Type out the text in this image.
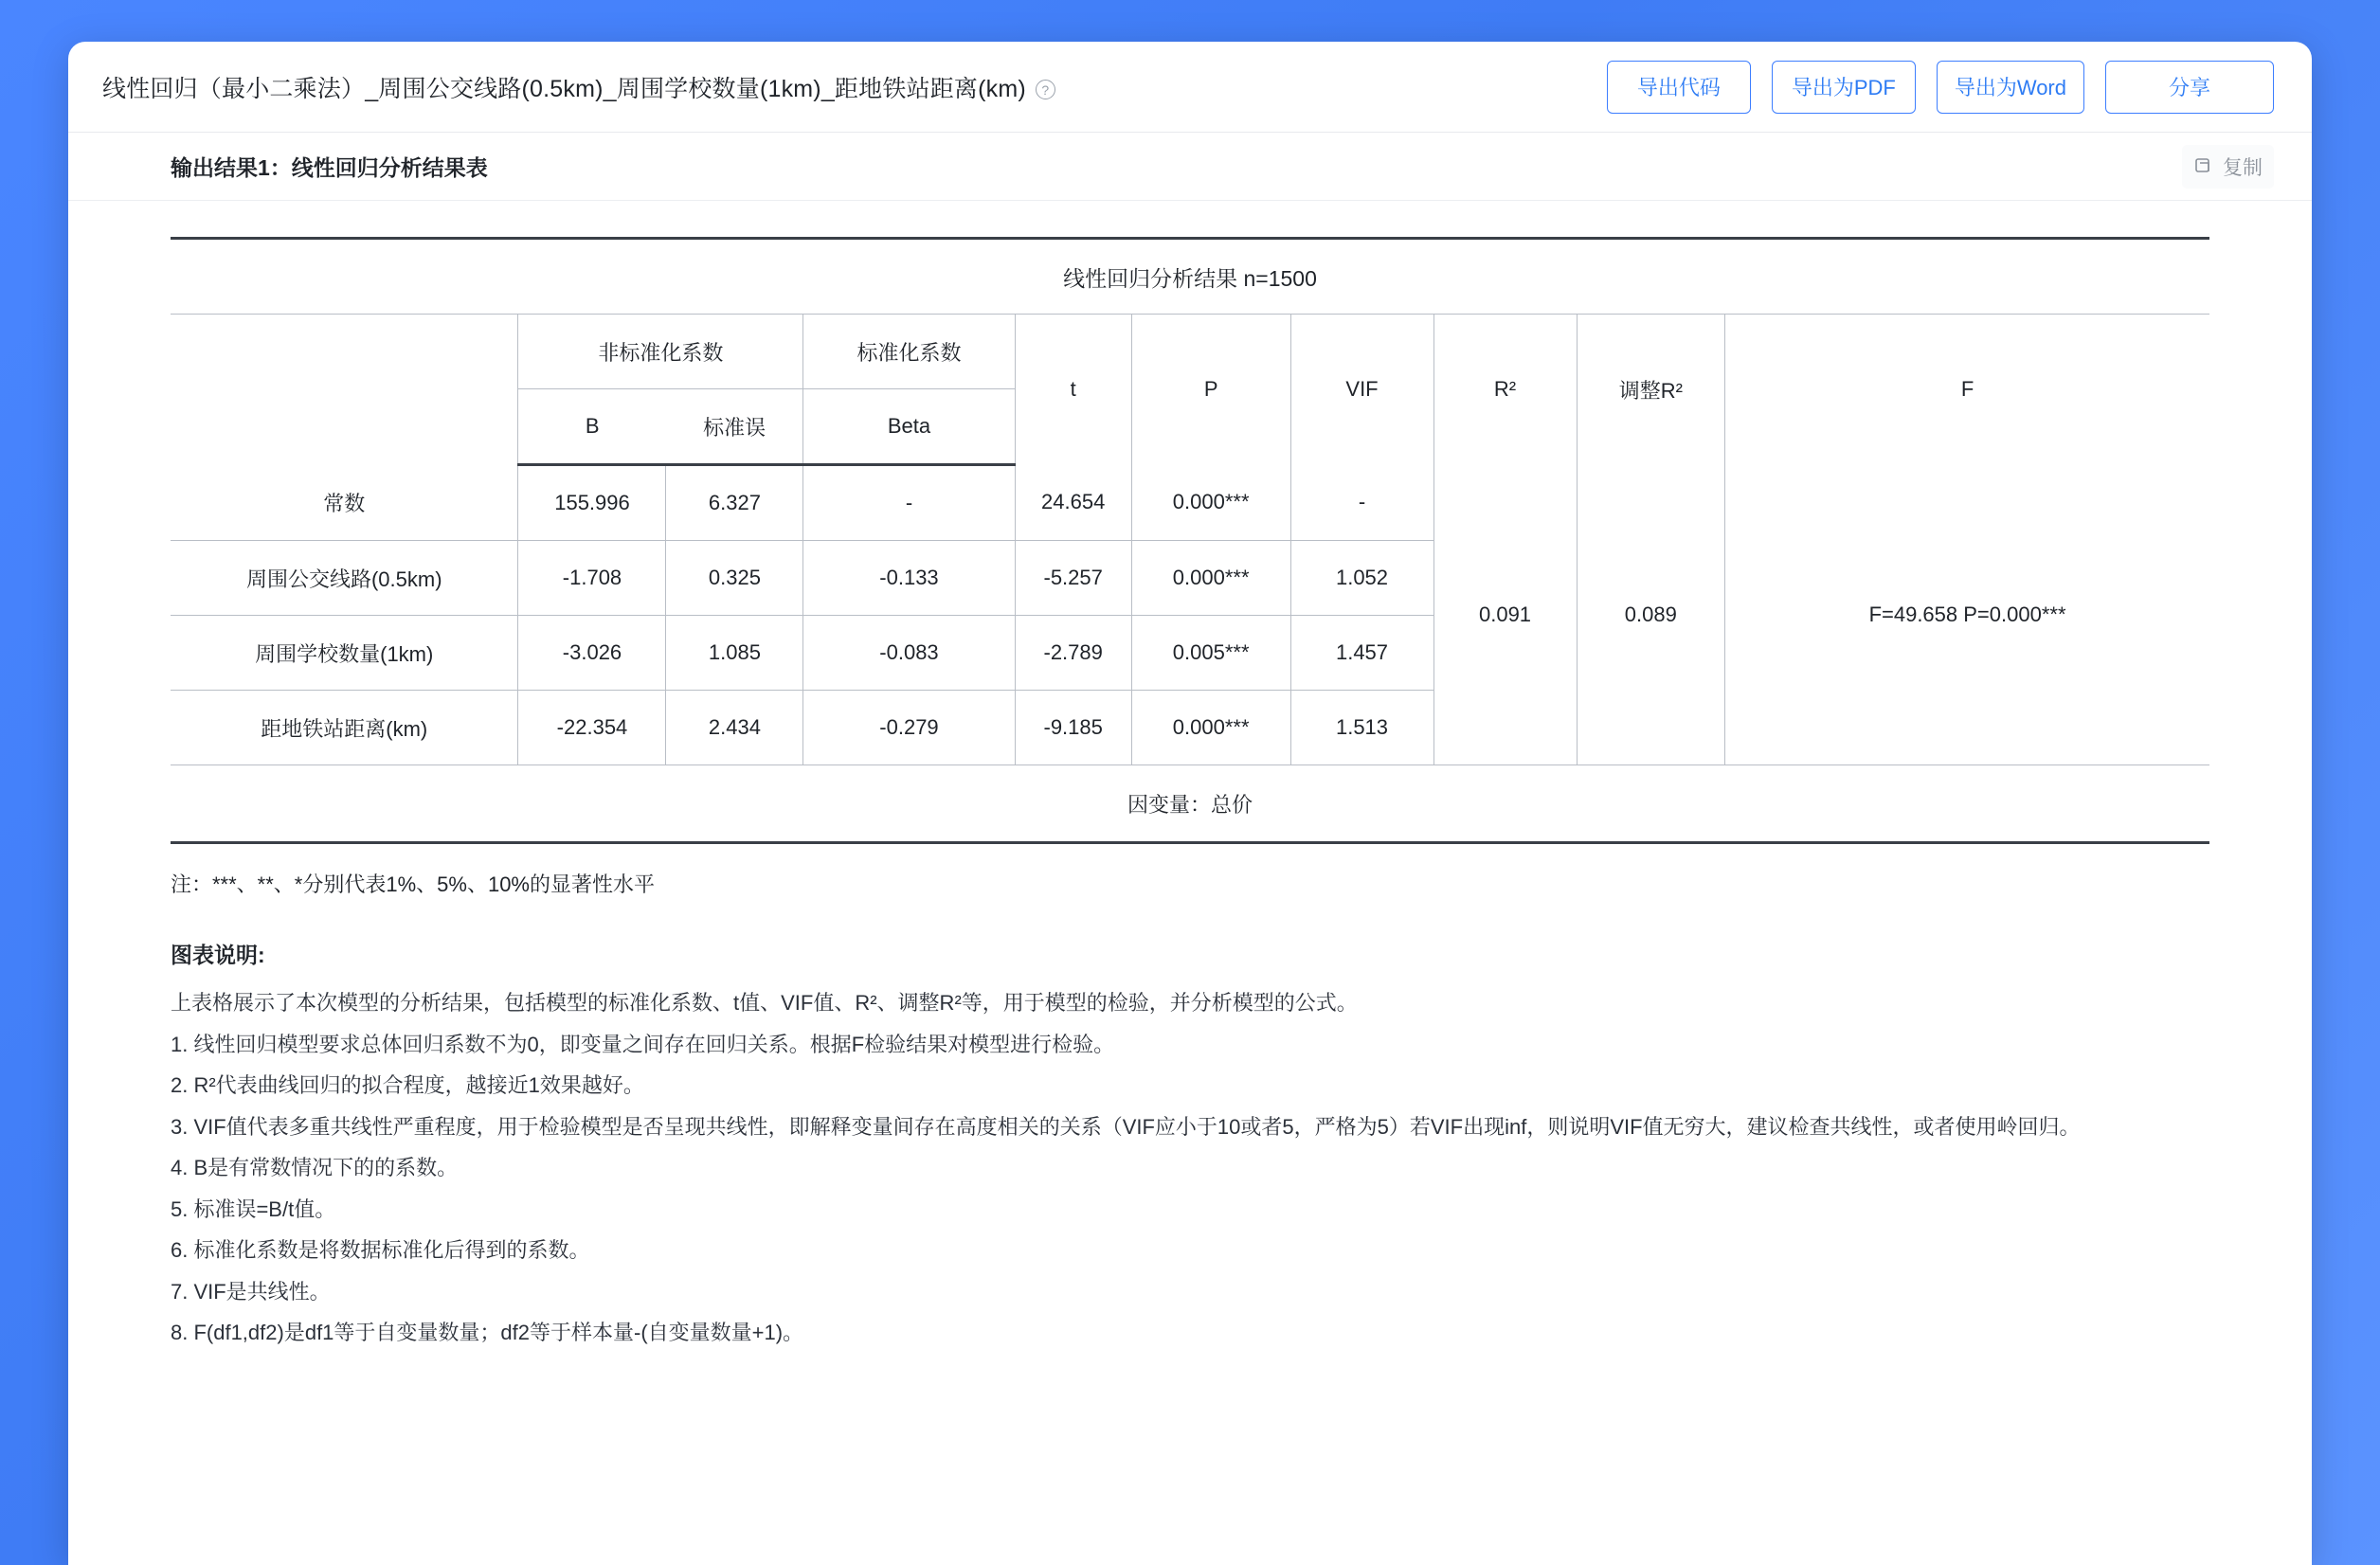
线性回归（最小二乘法）_周围公交线路(0.5km)_周围学校数量(1km)_距地铁站距离(km) ?	导出代码	导出为PDF	导出为Word	分享
输出结果1：线性回归分析结果表	复制
线性回归分析结果 n=1500									
	非标准化系数		标准化系数	t	P	VIF	R²	调整R²	F
	B	标准误	Beta						
常数	155.996	6.327	-	24.654	0.000***	-	0.091	0.089	F=49.658 P=0.000***
周围公交线路(0.5km)	-1.708	0.325	-0.133	-5.257	0.000***	1.052			
周围学校数量(1km)	-3.026	1.085	-0.083	-2.789	0.005***	1.457			
距地铁站距离(km)	-22.354	2.434	-0.279	-9.185	0.000***	1.513			
因变量：总价									
注：***、**、*分别代表1%、5%、10%的显著性水平
图表说明:

上表格展示了本次模型的分析结果，包括模型的标准化系数、t值、VIF值、R²、调整R²等，用于模型的检验，并分析模型的公式。

1. 线性回归模型要求总体回归系数不为0，即变量之间存在回归关系。根据F检验结果对模型进行检验。

2. R²代表曲线回归的拟合程度，越接近1效果越好。

3. VIF值代表多重共线性严重程度，用于检验模型是否呈现共线性，即解释变量间存在高度相关的关系（VIF应小于10或者5，严格为5）若VIF出现inf，则说明VIF值无穷大，建议检查共线性，或者使用岭回归。

4. B是有常数情况下的的系数。

5. 标准误=B/t值。

6. 标准化系数是将数据标准化后得到的系数。

7. VIF是共线性。

8. F(df1,df2)是df1等于自变量数量；df2等于样本量-(自变量数量+1)。
